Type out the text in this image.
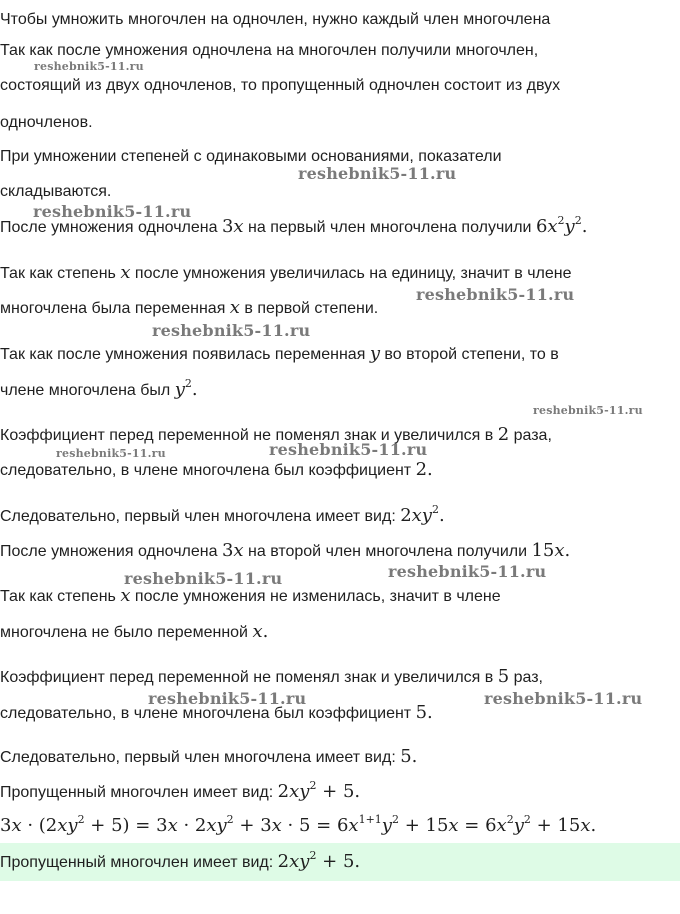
Чтобы умножить многочлен на одночлен, нужно каждый член многочлена
Так как после умножения одночлена на многочлен получили многочлен,
состоящий из двух одночленов, то пропущенный одночлен состоит из двух
одночленов.
При умножении степеней с одинаковыми основаниями, показатели
складываются.
После умножения одночлена 3x на первый член многочлена получили $6x^2y^2$.
Так как степень x после умножения увеличилась на единицу, значит в члене
многочлена была переменная x в первой степени.
Так как после умножения появилась переменная y во второй степени, то в
члене многочлена был $y^2$.
Коэффициент перед переменной не поменял знак и увеличился в 2 раза,
следовательно, в члене многочлена был коэффициент 2.
Следовательно, первый член многочлена имеет вид: $2xy^2$.
После умножения одночлена 3x на второй член многочлена получили 15x.
Так как степень x после умножения не изменилась, значит в члене
многочлена не было переменной x.
Коэффициент перед переменной не поменял знак и увеличился в 5 раз,
следовательно, в члене многочлена был коэффициент 5.
Следовательно, первый член многочлена имеет вид: 5.
Пропущенный многочлен имеет вид: $2xy^2 + 5$.
$3x \cdot (2xy^2 + 5) = 3x \cdot 2xy^2 + 3x \cdot 5 = 6x^{1+1}y^2 + 15x = 6x^2y^2 + 15x$.
Пропущенный многочлен имеет вид: $2xy^2 + 5$.
reshebnik5-11.ru
reshebnik5-11.ru
reshebnik5-11.ru
reshebnik5-11.ru
reshebnik5-11.ru
reshebnik5-11.ru
reshebnik5-11.ru	reshebnik5-11.ru
reshebnik5-11.ru	reshebnik5-11.ru
reshebnik5-11.ru	reshebnik5-11.ru
